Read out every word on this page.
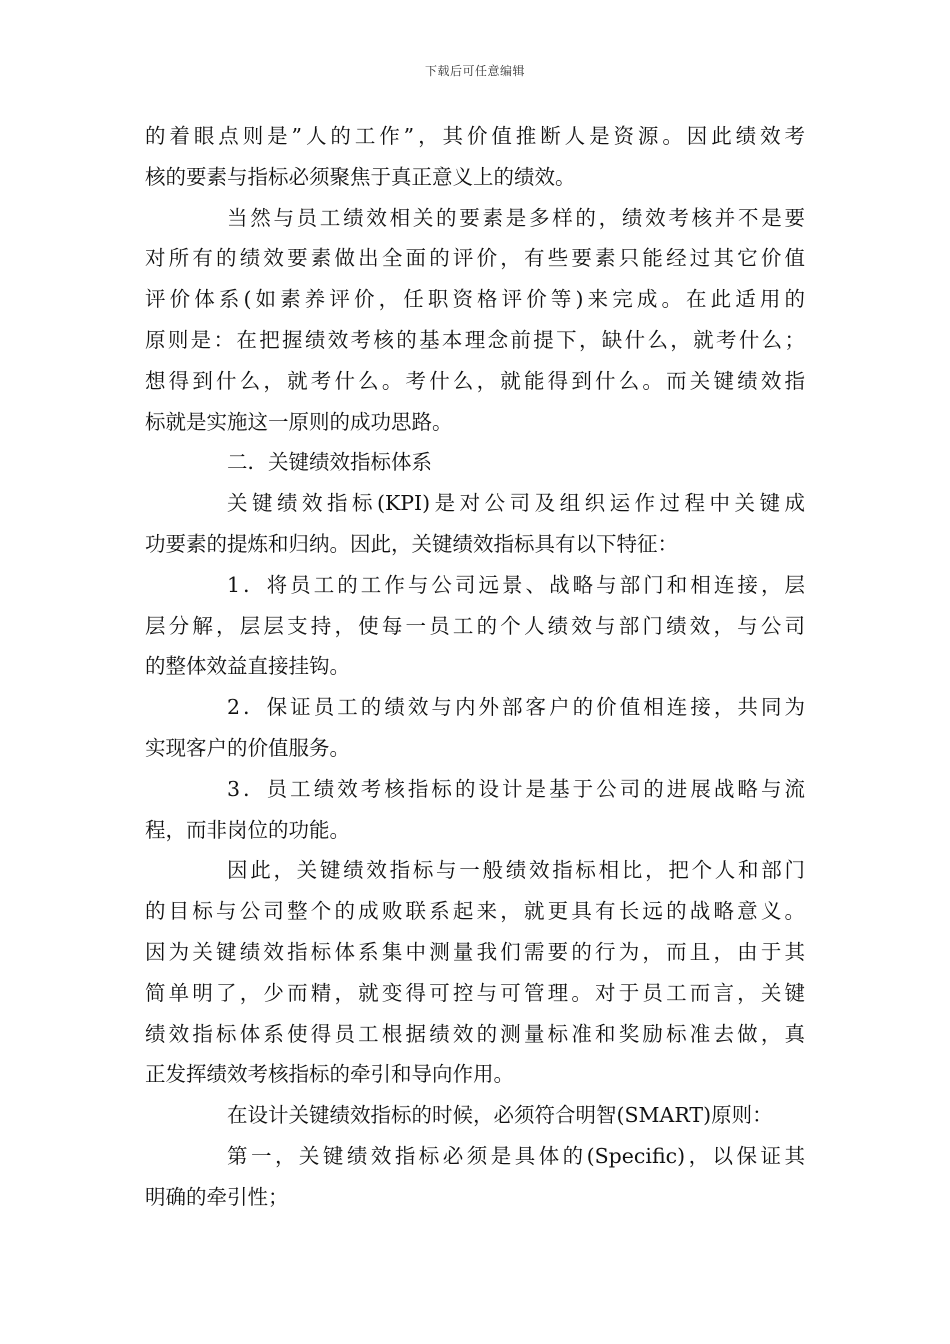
下载后可任意编辑
的着眼点则是”人的工作”，其价值推断人是资源。因此绩效考
核的要素与指标必须聚焦于真正意义上的绩效。
当然与员工绩效相关的要素是多样的，绩效考核并不是要
对所有的绩效要素做出全面的评价，有些要素只能经过其它价值
评价体系(如素养评价，任职资格评价等)来完成。在此适用的
原则是：在把握绩效考核的基本理念前提下，缺什么，就考什么；
想得到什么，就考什么。考什么，就能得到什么。而关键绩效指
标就是实施这一原则的成功思路。
二．关键绩效指标体系
关键绩效指标(KPI)是对公司及组织运作过程中关键成
功要素的提炼和归纳。因此，关键绩效指标具有以下特征：
1．将员工的工作与公司远景、战略与部门和相连接，层
层分解，层层支持，使每一员工的个人绩效与部门绩效，与公司
的整体效益直接挂钩。
2．保证员工的绩效与内外部客户的价值相连接，共同为
实现客户的价值服务。
3．员工绩效考核指标的设计是基于公司的进展战略与流
程，而非岗位的功能。
因此，关键绩效指标与一般绩效指标相比，把个人和部门
的目标与公司整个的成败联系起来，就更具有长远的战略意义。
因为关键绩效指标体系集中测量我们需要的行为，而且，由于其
简单明了，少而精，就变得可控与可管理。对于员工而言，关键
绩效指标体系使得员工根据绩效的测量标准和奖励标准去做，真
正发挥绩效考核指标的牵引和导向作用。
在设计关键绩效指标的时候，必须符合明智(SMART)原则：
第一，关键绩效指标必须是具体的(Specific)，以保证其
明确的牵引性；
